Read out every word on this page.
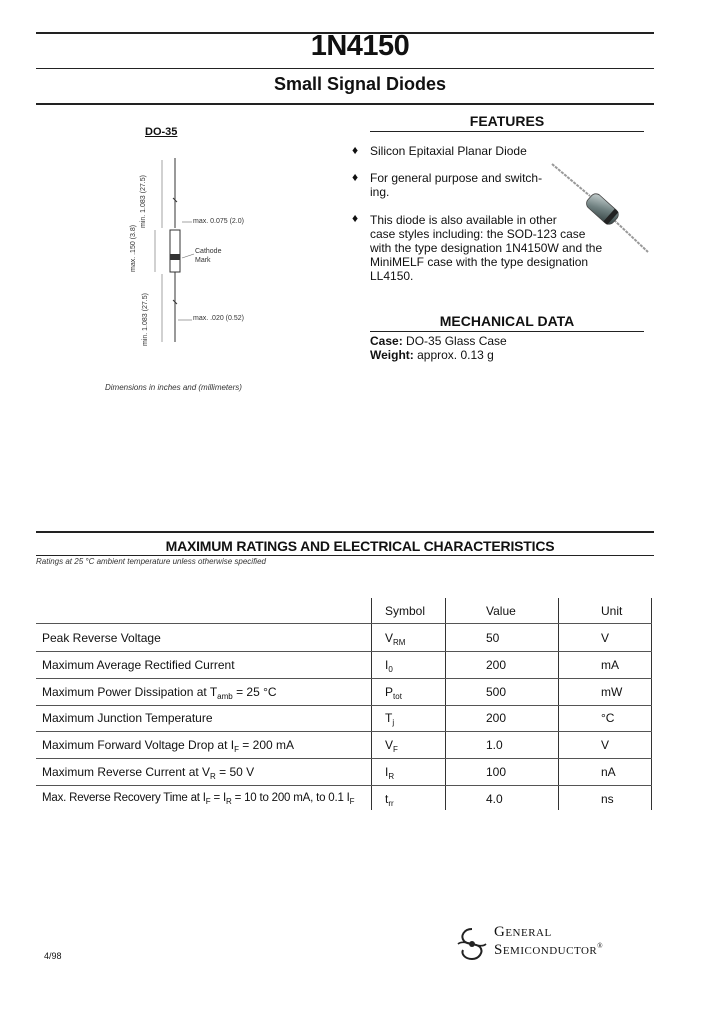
1N4150
Small Signal Diodes
DO-35
min. 1.083 (27.5)
max. .150 (3.8)
max. 0.075 (2.0)
Cathode Mark
min. 1.083 (27.5)	max. .020 (0.52)
Dimensions in inches and (millimeters)
FEATURES
♦ Silicon Epitaxial Planar Diode
♦ For general purpose and switch-
ing.
♦ This diode is also available in other
case styles including: the SOD-123 case
with the type designation 1N4150W and the
MiniMELF case with the type designation
LL4150.
MECHANICAL DATA
Case: DO-35 Glass Case
Weight: approx. 0.13 g
MAXIMUM RATINGS AND ELECTRICAL CHARACTERISTICS
Ratings at 25 °C ambient temperature unless otherwise specified
Symbol	Value	Unit
Peak Reverse Voltage	$V_{RM}$	50	V
Maximum Average Rectified Current	$I_0$	200	mA
Maximum Power Dissipation at $T_{amb} = 25$ °C	$P_{tot}$	500	mW
Maximum Junction Temperature	$T_j$	200	°C
Maximum Forward Voltage Drop at $I_F = 200$ mA	$V_F$	1.0	V
Maximum Reverse Current at $V_R = 50$ V	$I_R$	100	nA
Max. Reverse Recovery Time at $I_F = I_R = 10$ to 200 mA, to 0.1 $I_F$	$t_{rr}$	4.0	ns
4/98
General
Semiconductor®
